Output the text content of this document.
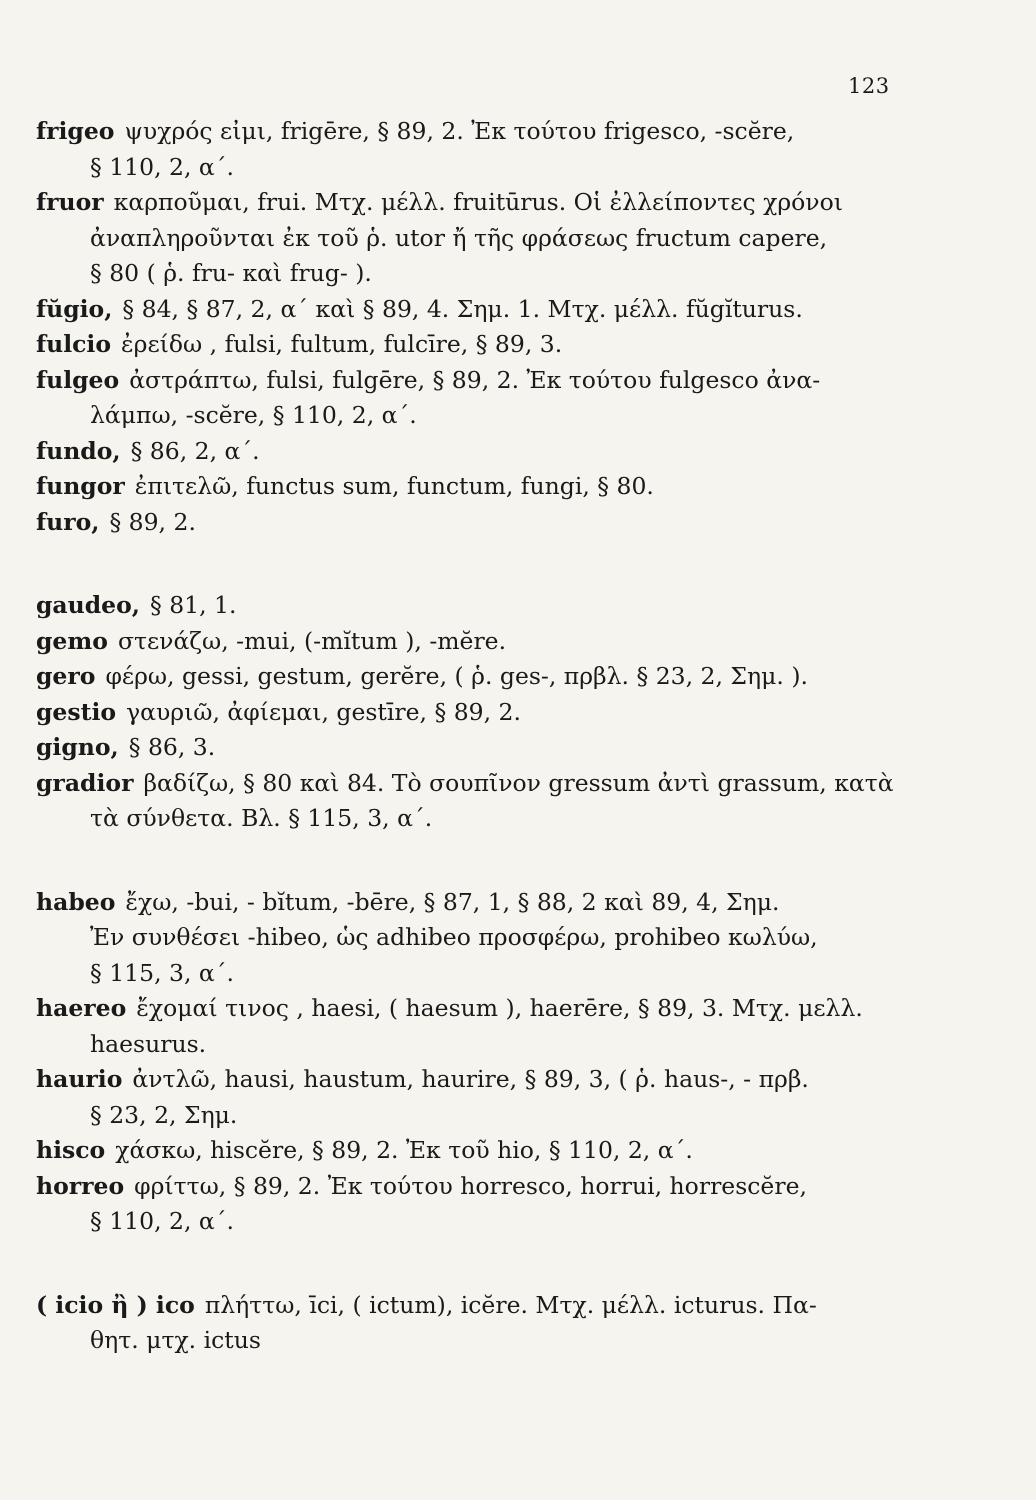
123
frigeo ψυχρός εἰμι, frigēre, § 89, 2. Ἐκ τούτου frigesco, -scĕre,
§ 110, 2, α΄.
fruor καρποῦμαι, frui. Μτχ. μέλλ. fruitūrus. Οἱ ἐλλείποντες χρόνοι
ἀναπληροῦνται ἐκ τοῦ ῥ. utor ἤ τῆς φράσεως fructum capere,
§ 80 ( ῥ. fru- καὶ frug- ).
fŭgio, § 84, § 87, 2, α΄ καὶ § 89, 4. Σημ. 1. Μτχ. μέλλ. fŭgĭturus.
fulcio ἐρείδω , fulsi, fultum, fulcīre, § 89, 3.
fulgeo ἀστράπτω, fulsi, fulgēre, § 89, 2. Ἐκ τούτου fulgesco ἀνα-
λάμπω, -scĕre, § 110, 2, α΄.
fundo, § 86, 2, α΄.
fungor ἐπιτελῶ, functus sum, functum, fungi, § 80.
furo, § 89, 2.
gaudeo, § 81, 1.
gemo στενάζω, -mui, (-mĭtum ), -mĕre.
gero φέρω, gessi, gestum, gerĕre, ( ῥ. ges-, πρβλ. § 23, 2, Σημ. ).
gestio γαυριῶ, ἀφίεμαι, gestīre, § 89, 2.
gigno, § 86, 3.
gradior βαδίζω, § 80 καὶ 84. Τὸ σουπῖνον gressum ἀντὶ grassum, κατὰ
τὰ σύνθετα. Βλ. § 115, 3, α΄.
habeo ἔχω, -bui, - bĭtum, -bēre, § 87, 1, § 88, 2 καὶ 89, 4, Σημ.
Ἐν συνθέσει -hibeo, ὡς adhibeo προσφέρω, prohibeo κωλύω,
§ 115, 3, α΄.
haereo ἔχομαί τινος , haesi, ( haesum ), haerēre, § 89, 3. Μτχ. μελλ.
haesurus.
haurio ἀντλῶ, hausi, haustum, haurire, § 89, 3, ( ῥ. haus-, - πρβ.
§ 23, 2, Σημ.
hisco χάσκω, hiscĕre, § 89, 2. Ἐκ τοῦ hio, § 110, 2, α΄.
horreo φρίττω, § 89, 2. Ἐκ τούτου horresco, horrui, horrescĕre,
§ 110, 2, α΄.
( icio ἢ ) ico πλήττω, īci, ( ictum), icĕre. Μτχ. μέλλ. icturus. Πα-
θητ. μτχ. ictus
